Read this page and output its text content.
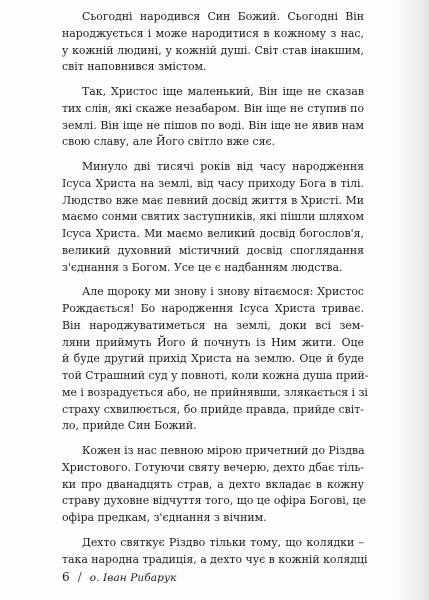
Сьогодні народився Син Божий. Сьогодні Він
народжується і може народитися в кожному з нас,
у кожній людині, у кожній душі. Світ став інакшим,
світ наповнився змістом.

Так, Христос іще маленький, Він іще не сказав
тих слів, які скаже незабаром. Він іще не ступив по
землі. Він іще не пішов по воді. Він іще не явив нам
свою славу, але Його світло вже сяє.

Минуло дві тисячі років від часу народження
Ісуса Христа на землі, від часу приходу Бога в тілі.
Людство вже має певний досвід життя в Христі. Ми
маємо сонми святих заступників, які пішли шляхом
Ісуса Христа. Ми маємо великий досвід богослов'я,
великий духовний містичний досвід споглядання
з'єднання з Богом. Усе це є надбанням людства.

Але щороку ми знову і знову вітаємося: Христос
Рождається! Бо народження Ісуса Христа триває.
Він народжуватиметься на землі, доки всі зем-
ляни приймуть Його й почнуть із Ним жити. Оце
й буде другий прихід Христа на землю. Оце й буде
той Страшний суд у повноті, коли кожна душа прий-
ме і возрадується або, не прийнявши, злякається і зі
страху схвилюється, бо прийде правда, прийде світ-
ло, прийде Син Божий.

Кожен із нас певною мірою причетний до Різдва
Христового. Готуючи святу вечерю, дехто дбає тіль-
ки про дванадцять страв, а дехто вкладає в кожну
страву духовне відчуття того, що це офіра Богові, це
офіра предкам, з'єднання з вічним.

Дехто святкує Різдво тільки тому, що колядки –
така народна традиція, а дехто чує в кожній колядці

6 / о. Іван Рибарук
